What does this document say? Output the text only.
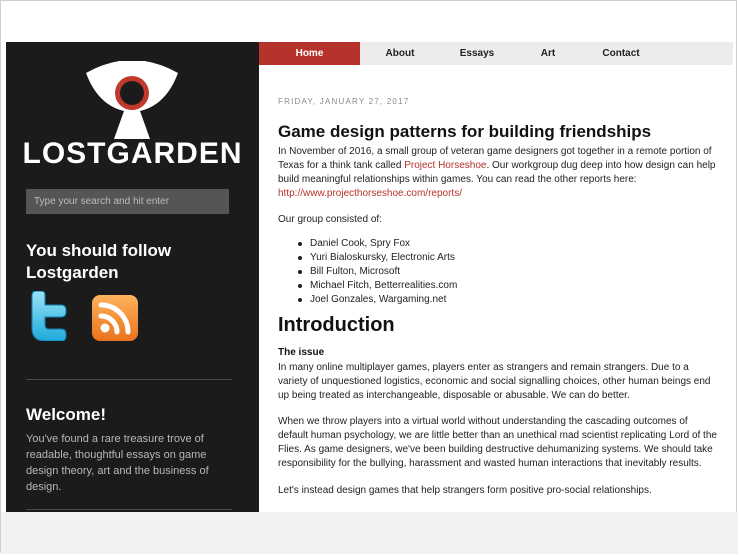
LOSTGARDEN
Type your search and hit enter
You should follow
Lostgarden
Welcome!
You've found a rare treasure trove of readable, thoughtful essays on game design theory, art and the business of design.
Home	About	Essays	Art	Contact
FRIDAY, JANUARY 27, 2017
Game design patterns for building friendships

In November of 2016, a small group of veteran game designers got together in a remote portion of Texas for a think tank called Project Horseshoe. Our workgroup dug deep into how design can help build meaningful relationships within games. You can read the other reports here: http://www.projecthorseshoe.com/reports/

Our group consisted of:

Daniel Cook, Spry Fox
Yuri Bialoskursky, Electronic Arts
Bill Fulton, Microsoft
Michael Fitch, Betterrealities.com
Joel Gonzales, Wargaming.net
Introduction
The issue

In many online multiplayer games, players enter as strangers and remain strangers. Due to a variety of unquestioned logistics, economic and social signalling choices, other human beings end up being treated as interchangeable, disposable or abusable. We can do better.

When we throw players into a virtual world without understanding the cascading outcomes of default human psychology, we are little better than an unethical mad scientist replicating Lord of the Flies. As game designers, we've been building destructive dehumanizing systems. We should take responsibility for the bullying, harassment and wasted human interactions that inevitably results.

Let's instead design games that help strangers form positive pro-social relationships.
